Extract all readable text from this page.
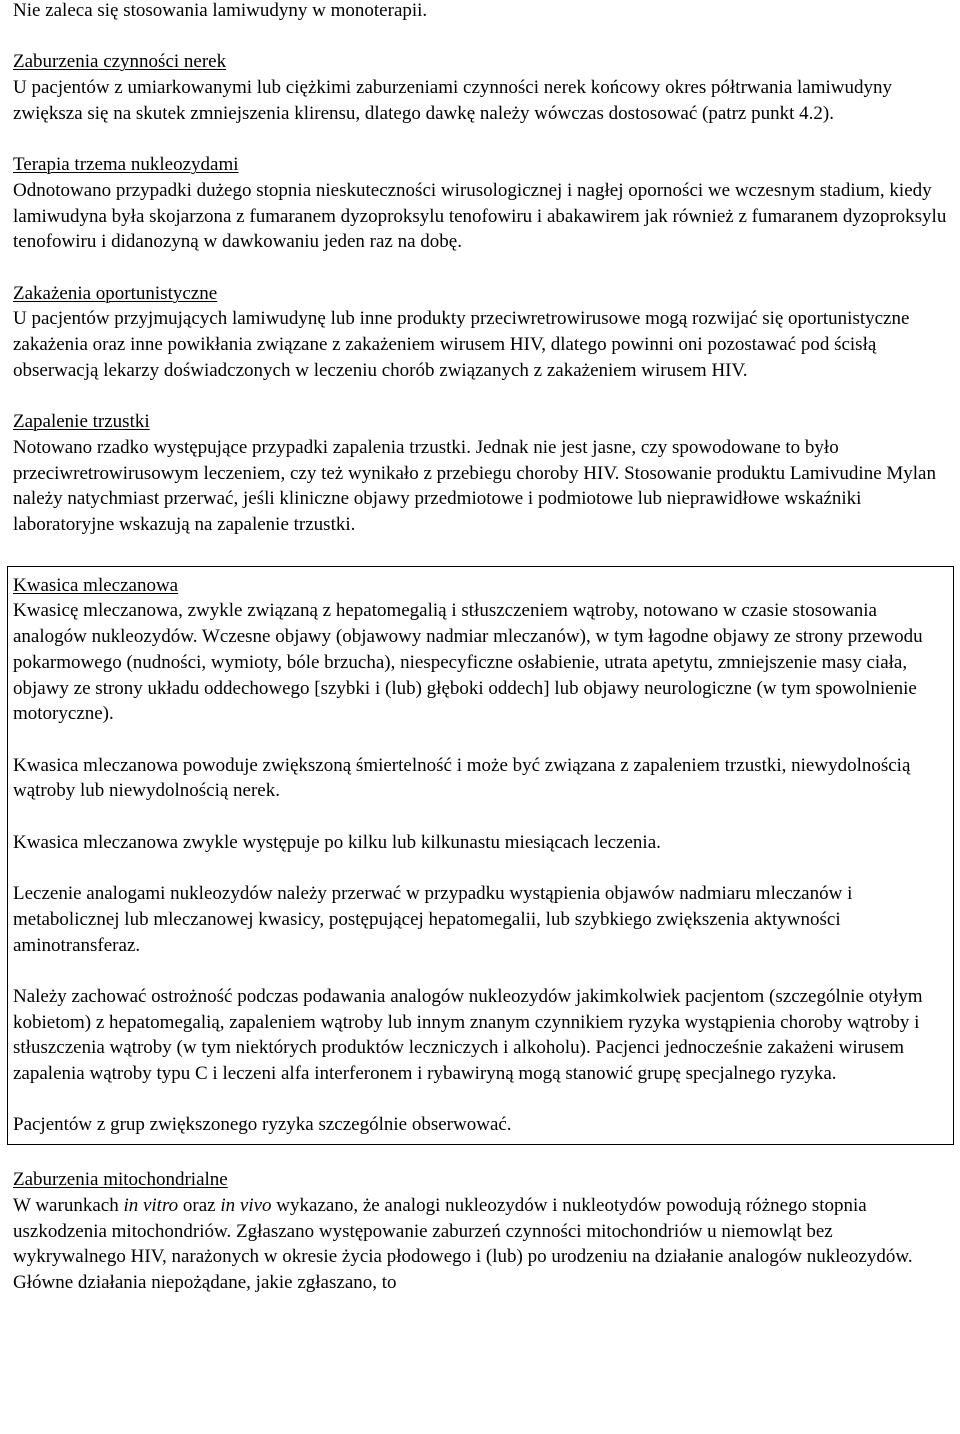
Nie zaleca się stosowania lamiwudyny w monoterapii.

Zaburzenia czynności nerek

U pacjentów z umiarkowanymi lub ciężkimi zaburzeniami czynności nerek końcowy okres półtrwania lamiwudyny zwiększa się na skutek zmniejszenia klirensu, dlatego dawkę należy wówczas dostosować (patrz punkt 4.2).

Terapia trzema nukleozydami

Odnotowano przypadki dużego stopnia nieskuteczności wirusologicznej i nagłej oporności we wczesnym stadium, kiedy lamiwudyna była skojarzona z fumaranem dyzoproksylu tenofowiru i abakawirem jak również z fumaranem dyzoproksylu tenofowiru i didanozyną w dawkowaniu jeden raz na dobę.

Zakażenia oportunistyczne

U pacjentów przyjmujących lamiwudynę lub inne produkty przeciwretrowirusowe mogą rozwijać się oportunistyczne zakażenia oraz inne powikłania związane z zakażeniem wirusem HIV, dlatego powinni oni pozostawać pod ścisłą obserwacją lekarzy doświadczonych w leczeniu chorób związanych z zakażeniem wirusem HIV.

Zapalenie trzustki

Notowano rzadko występujące przypadki zapalenia trzustki. Jednak nie jest jasne, czy spowodowane to było przeciwretrowirusowym leczeniem, czy też wynikało z przebiegu choroby HIV. Stosowanie produktu Lamivudine Mylan należy natychmiast przerwać, jeśli kliniczne objawy przedmiotowe i podmiotowe lub nieprawidłowe wskaźniki laboratoryjne wskazują na zapalenie trzustki.

Kwasica mleczanowa

Kwasicę mleczanowa, zwykle związaną z hepatomegalią i stłuszczeniem wątroby, notowano w czasie stosowania analogów nukleozydów. Wczesne objawy (objawowy nadmiar mleczanów), w tym łagodne objawy ze strony przewodu pokarmowego (nudności, wymioty, bóle brzucha), niespecyficzne osłabienie, utrata apetytu, zmniejszenie masy ciała, objawy ze strony układu oddechowego [szybki i (lub) głęboki oddech] lub objawy neurologiczne (w tym spowolnienie motoryczne).

Kwasica mleczanowa powoduje zwiększoną śmiertelność i może być związana z zapaleniem trzustki, niewydolnością wątroby lub niewydolnością nerek.

Kwasica mleczanowa zwykle występuje po kilku lub kilkunastu miesiącach leczenia.

Leczenie analogami nukleozydów należy przerwać w przypadku wystąpienia objawów nadmiaru mleczanów i metabolicznej lub mleczanowej kwasicy, postępującej hepatomegalii, lub szybkiego zwiększenia aktywności aminotransferaz.

Należy zachować ostrożność podczas podawania analogów nukleozydów jakimkolwiek pacjentom (szczególnie otyłym kobietom) z hepatomegalią, zapaleniem wątroby lub innym znanym czynnikiem ryzyka wystąpienia choroby wątroby i stłuszczenia wątroby (w tym niektórych produktów leczniczych i alkoholu). Pacjenci jednocześnie zakażeni wirusem zapalenia wątroby typu C i leczeni alfa interferonem i rybawiryną mogą stanowić grupę specjalnego ryzyka.

Pacjentów z grup zwiększonego ryzyka szczególnie obserwować.

Zaburzenia mitochondrialne

W warunkach in vitro oraz in vivo wykazano, że analogi nukleozydów i nukleotydów powodują różnego stopnia uszkodzenia mitochondriów. Zgłaszano występowanie zaburzeń czynności mitochondriów u niemowląt bez wykrywalnego HIV, narażonych w okresie życia płodowego i (lub) po urodzeniu na działanie analogów nukleozydów. Główne działania niepożądane, jakie zgłaszano, to
